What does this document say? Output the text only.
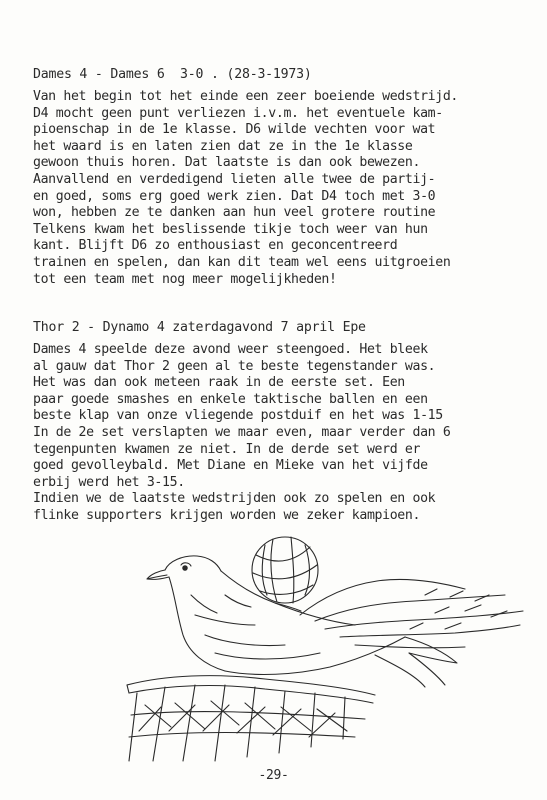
Dames 4 - Dames 6  3-0 . (28-3-1973)
Van het begin tot het einde een zeer boeiende wedstrijd.
D4 mocht geen punt verliezen i.v.m. het eventuele kam-
pioenschap in de 1e klasse. D6 wilde vechten voor wat
het waard is en laten zien dat ze in the 1e klasse
gewoon thuis horen. Dat laatste is dan ook bewezen.
Aanvallend en verdedigend lieten alle twee de partij-
en goed, soms erg goed werk zien. Dat D4 toch met 3-0
won, hebben ze te danken aan hun veel grotere routine
Telkens kwam het beslissende tikje toch weer van hun
kant. Blijft D6 zo enthousiast en geconcentreerd
trainen en spelen, dan kan dit team wel eens uitgroeien
tot een team met nog meer mogelijkheden!
Thor 2 - Dynamo 4 zaterdagavond 7 april Epe
Dames 4 speelde deze avond weer steengoed. Het bleek
al gauw dat Thor 2 geen al te beste tegenstander was.
Het was dan ook meteen raak in de eerste set. Een
paar goede smashes en enkele taktische ballen en een
beste klap van onze vliegende postduif en het was 1-15
In de 2e set verslapten we maar even, maar verder dan 6
tegenpunten kwamen ze niet. In de derde set werd er
goed gevolleybald. Met Diane en Mieke van het vijfde
erbij werd het 3-15.
Indien we de laatste wedstrijden ook zo spelen en ook
flinke supporters krijgen worden we zeker kampioen.
-29-
